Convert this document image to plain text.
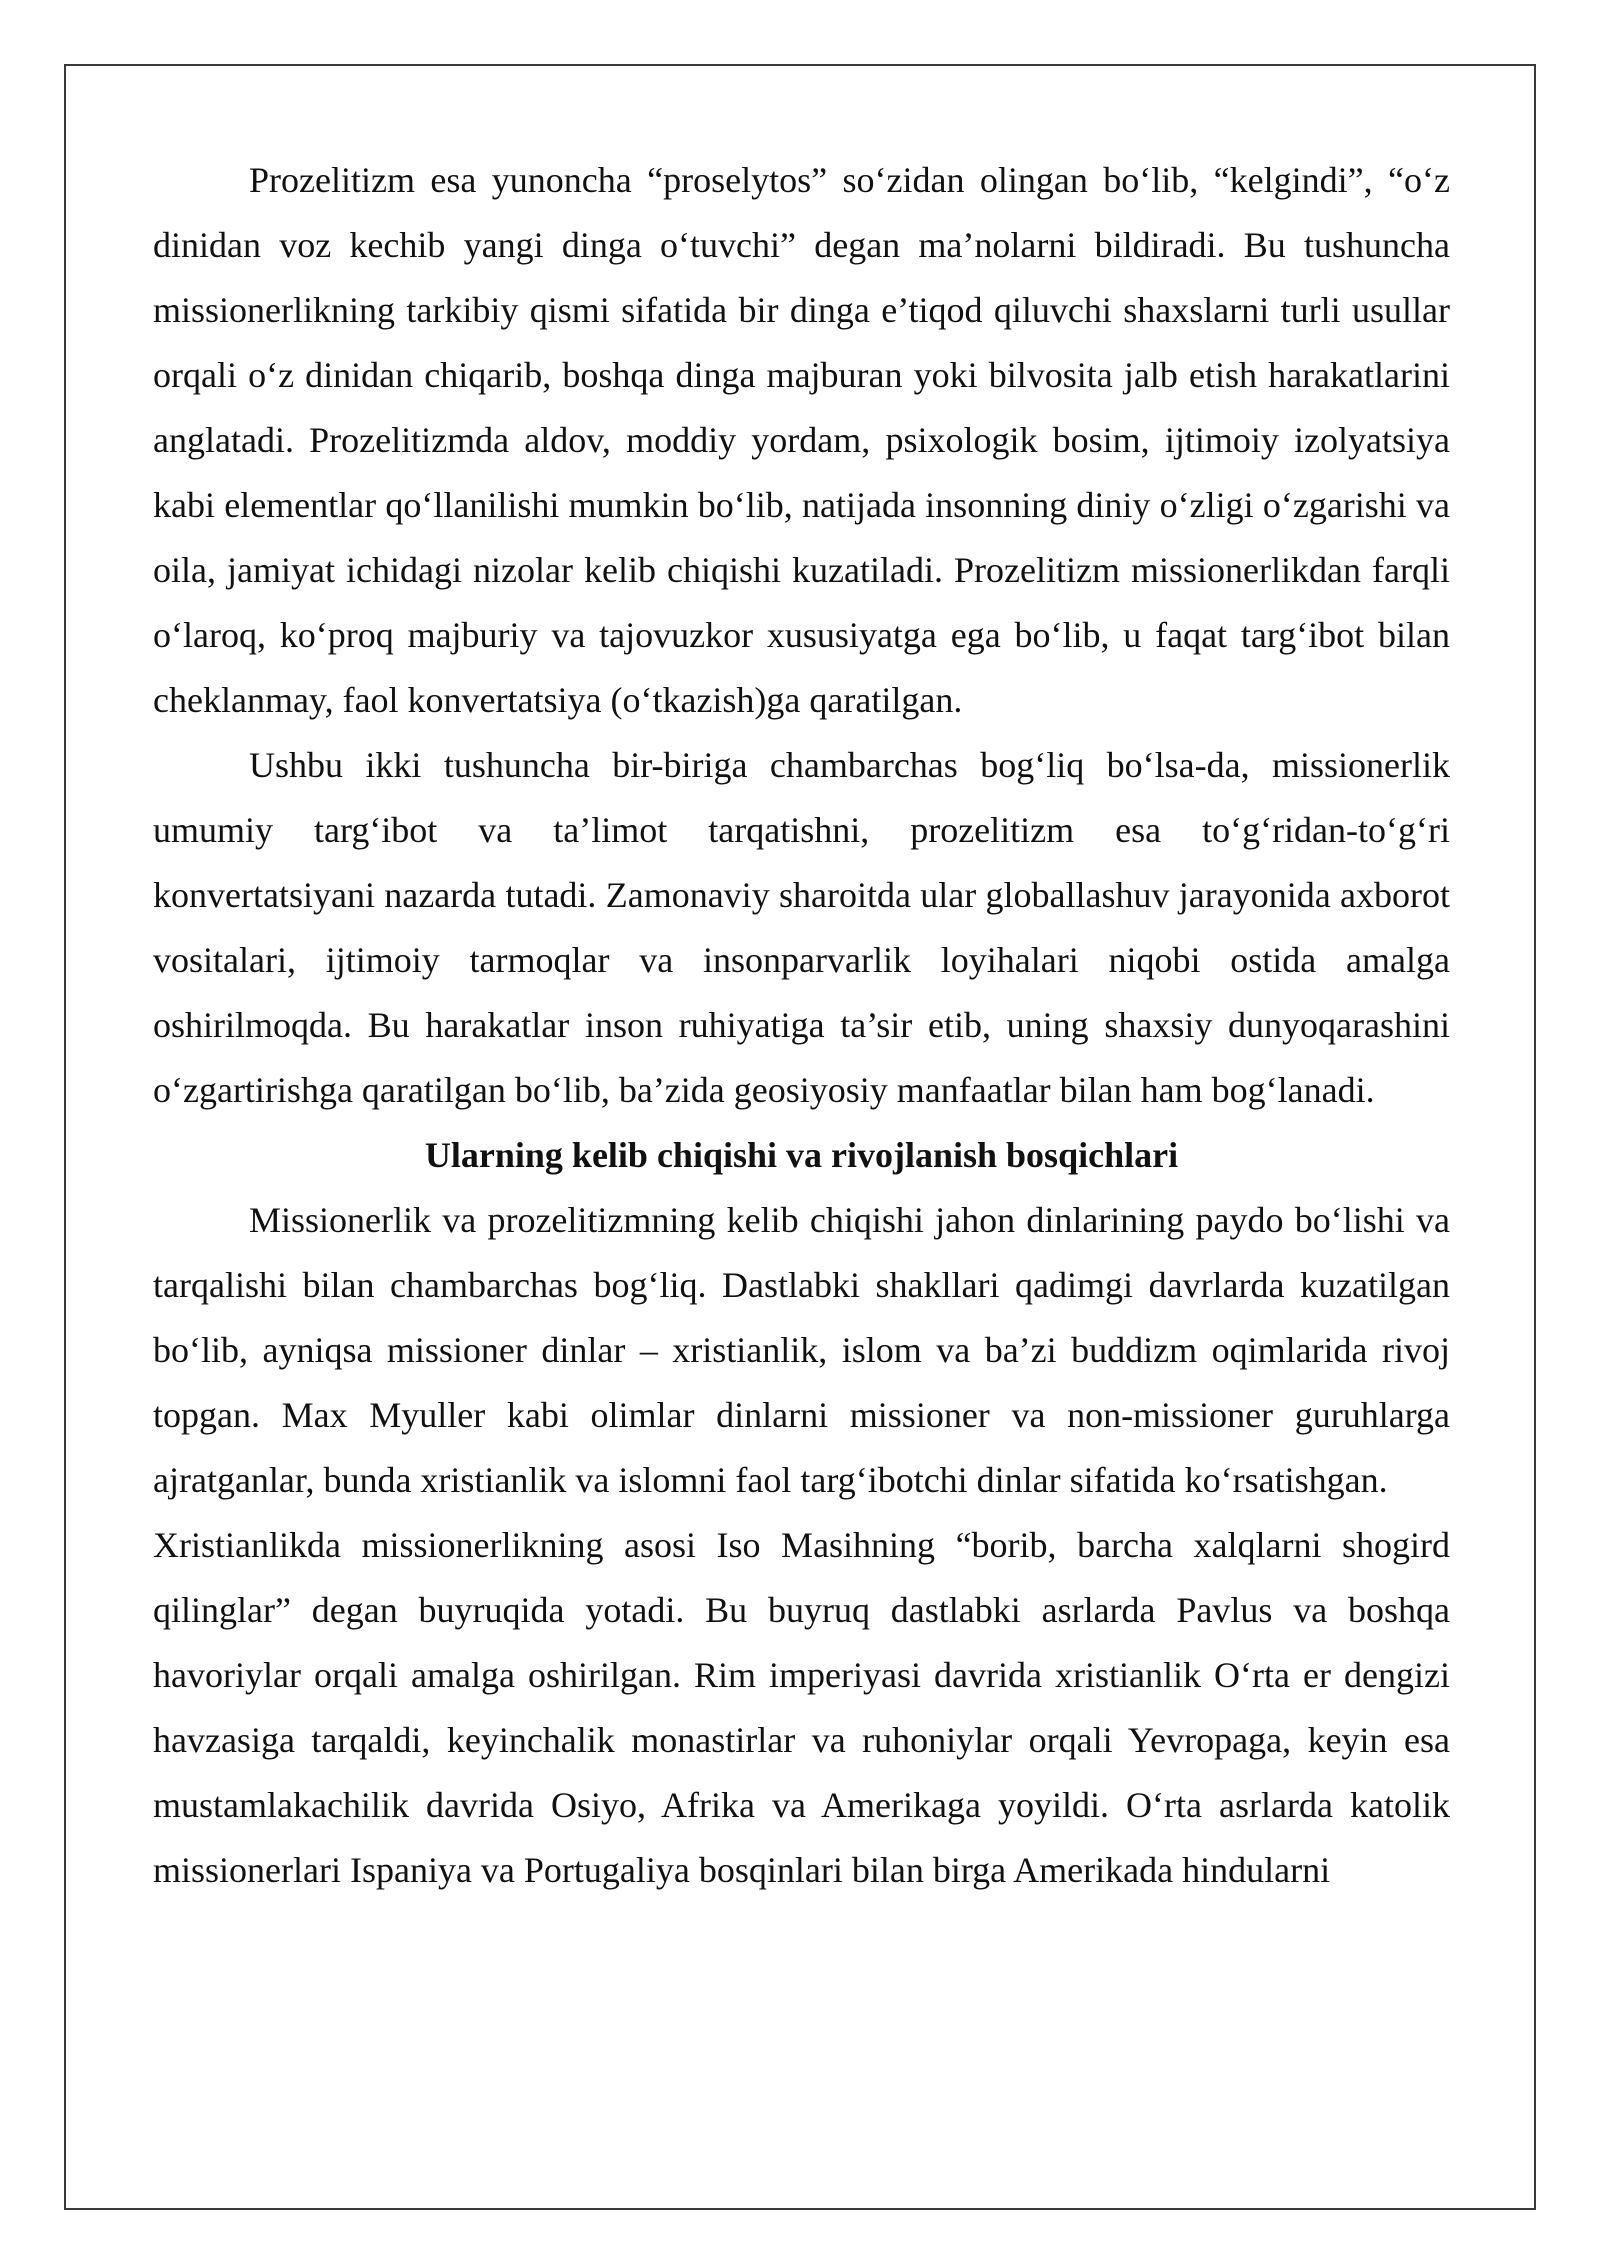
Prozelitizm esa yunoncha “proselytos” so‘zidan olingan bo‘lib, “kelgindi”, “o‘z dinidan voz kechib yangi dinga o‘tuvchi” degan ma’nolarni bildiradi. Bu tushuncha missionerlikning tarkibiy qismi sifatida bir dinga e’tiqod qiluvchi shaxslarni turli usullar orqali o‘z dinidan chiqarib, boshqa dinga majburan yoki bilvosita jalb etish harakatlarini anglatadi. Prozelitizmda aldov, moddiy yordam, psixologik bosim, ijtimoiy izolyatsiya kabi elementlar qo‘llanilishi mumkin bo‘lib, natijada insonning diniy o‘zligi o‘zgarishi va oila, jamiyat ichidagi nizolar kelib chiqishi kuzatiladi. Prozelitizm missionerlikdan farqli o‘laroq, ko‘proq majburiy va tajovuzkor xususiyatga ega bo‘lib, u faqat targ‘ibot bilan cheklanmay, faol konvertatsiya (o‘tkazish)ga qaratilgan.

Ushbu ikki tushuncha bir-biriga chambarchas bog‘liq bo‘lsa-da, missionerlik umumiy targ‘ibot va ta’limot tarqatishni, prozelitizm esa to‘g‘ridan-to‘g‘ri konvertatsiyani nazarda tutadi. Zamonaviy sharoitda ular globallashuv jarayonida axborot vositalari, ijtimoiy tarmoqlar va insonparvarlik loyihalari niqobi ostida amalga oshirilmoqda. Bu harakatlar inson ruhiyatiga ta’sir etib, uning shaxsiy dunyoqarashini o‘zgartirishga qaratilgan bo‘lib, ba’zida geosiyosiy manfaatlar bilan ham bog‘lanadi.

Ularning kelib chiqishi va rivojlanish bosqichlari

Missionerlik va prozelitizmning kelib chiqishi jahon dinlarining paydo bo‘lishi va tarqalishi bilan chambarchas bog‘liq. Dastlabki shakllari qadimgi davrlarda kuzatilgan bo‘lib, ayniqsa missioner dinlar – xristianlik, islom va ba’zi buddizm oqimlarida rivoj topgan. Max Myuller kabi olimlar dinlarni missioner va non-missioner guruhlarga ajratganlar, bunda xristianlik va islomni faol targ‘ibotchi dinlar sifatida ko‘rsatishgan.

Xristianlikda missionerlikning asosi Iso Masihning “borib, barcha xalqlarni shogird qilinglar” degan buyruqida yotadi. Bu buyruq dastlabki asrlarda Pavlus va boshqa havoriylar orqali amalga oshirilgan. Rim imperiyasi davrida xristianlik O‘rta er dengizi havzasiga tarqaldi, keyinchalik monastirlar va ruhoniylar orqali Yevropaga, keyin esa mustamlakachilik davrida Osiyo, Afrika va Amerikaga yoyildi. O‘rta asrlarda katolik missionerlari Ispaniya va Portugaliya bosqinlari bilan birga Amerikada hindularni
